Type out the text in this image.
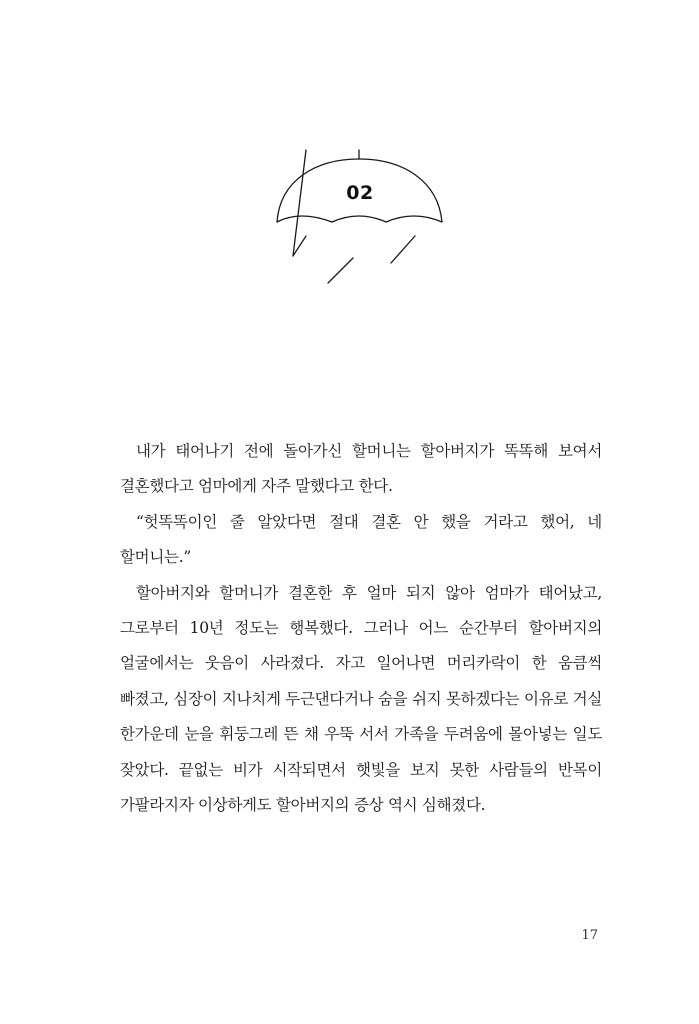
02

내가 태어나기 전에 돌아가신 할머니는 할아버지가 똑똑해 보여서 결혼했다고 엄마에게 자주 말했다고 한다.

“헛똑똑이인 줄 알았다면 절대 결혼 안 했을 거라고 했어, 네 할머니는.”

할아버지와 할머니가 결혼한 후 얼마 되지 않아 엄마가 태어났고, 그로부터 10년 정도는 행복했다. 그러나 어느 순간부터 할아버지의 얼굴에서는 웃음이 사라졌다. 자고 일어나면 머리카락이 한 움큼씩 빠졌고, 심장이 지나치게 두근댄다거나 숨을 쉬지 못하겠다는 이유로 거실 한가운데 눈을 휘둥그레 뜬 채 우뚝 서서 가족을 두려움에 몰아넣는 일도 잦았다. 끝없는 비가 시작되면서 햇빛을 보지 못한 사람들의 반목이 가팔라지자 이상하게도 할아버지의 증상 역시 심해졌다.

17
